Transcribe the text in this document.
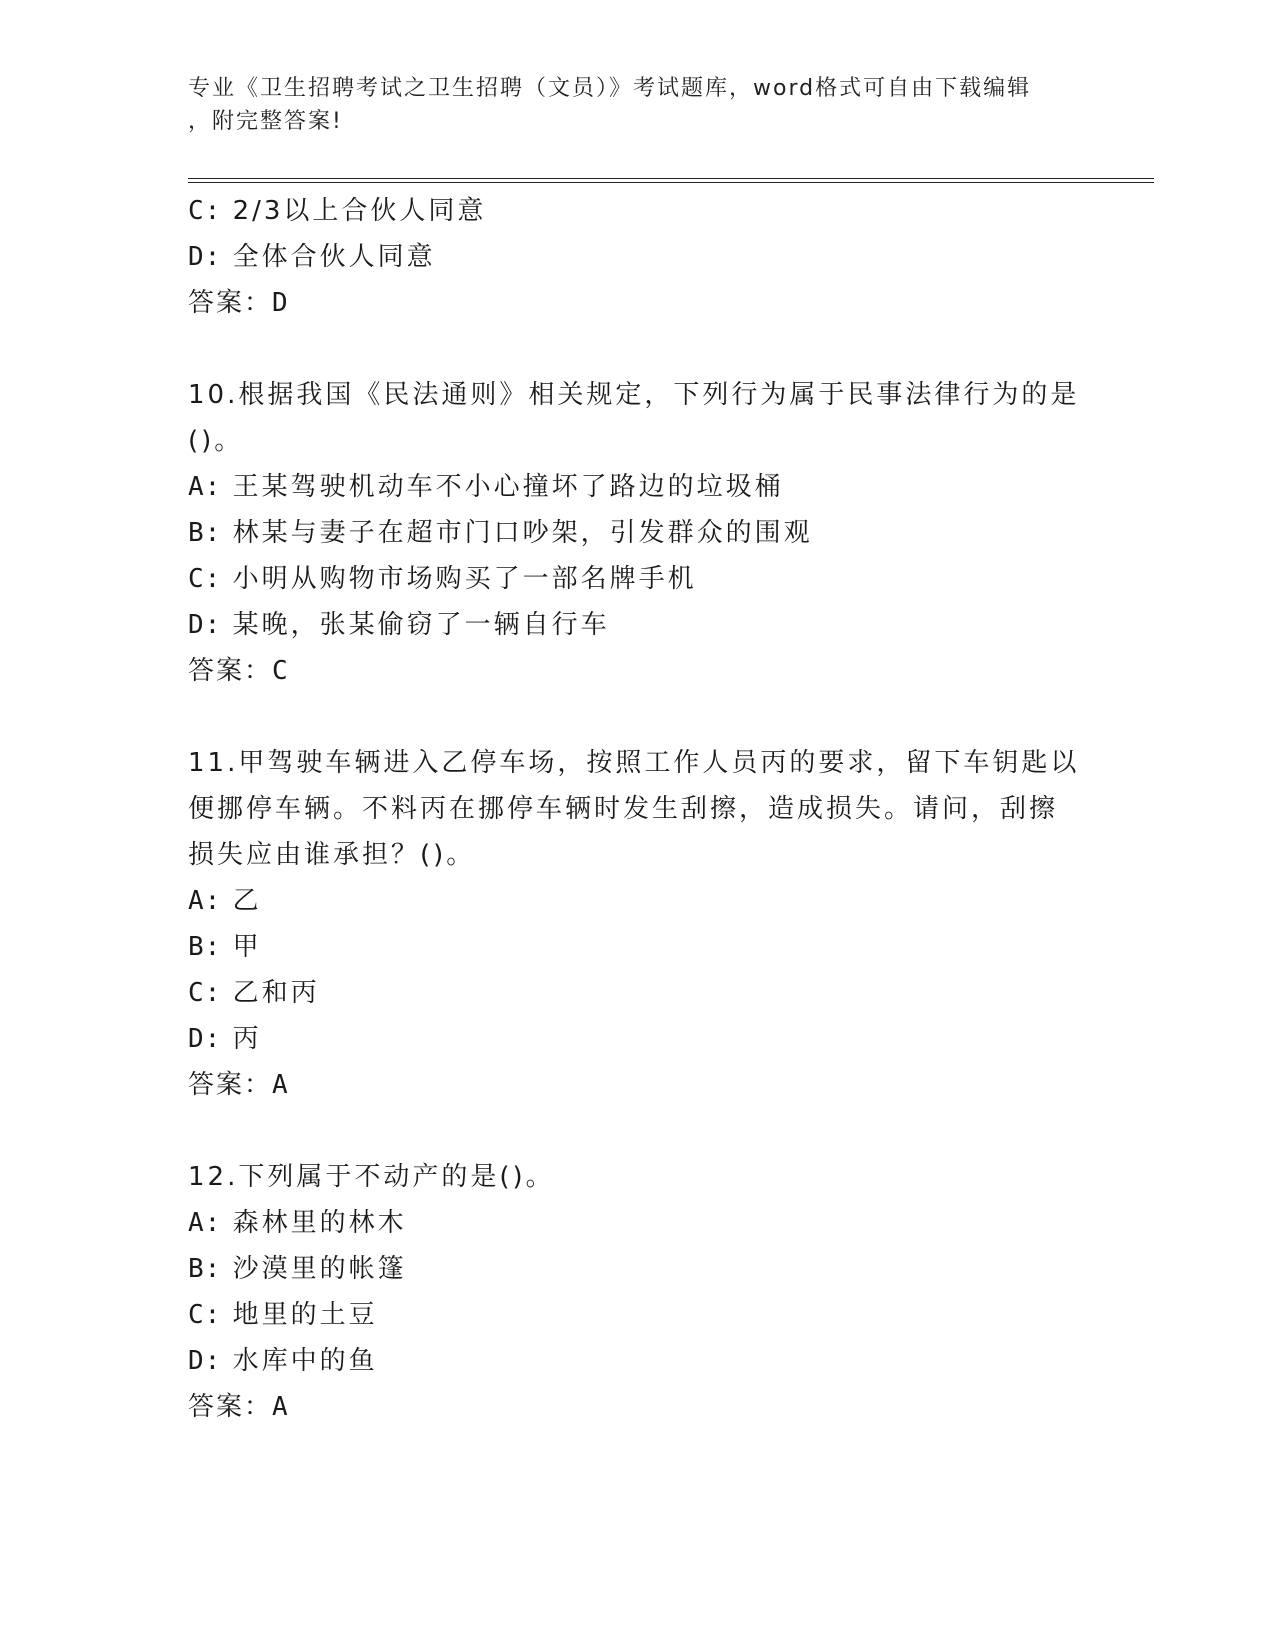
专业《卫生招聘考试之卫生招聘（文员）》考试题库，word格式可自由下载编辑
，附完整答案!
C: 2/3以上合伙人同意
D: 全体合伙人同意
答案：D
10.根据我国《民法通则》相关规定，下列行为属于民事法律行为的是
()。
A: 王某驾驶机动车不小心撞坏了路边的垃圾桶
B: 林某与妻子在超市门口吵架，引发群众的围观
C: 小明从购物市场购买了一部名牌手机
D: 某晚，张某偷窃了一辆自行车
答案：C
11.甲驾驶车辆进入乙停车场，按照工作人员丙的要求，留下车钥匙以
便挪停车辆。不料丙在挪停车辆时发生刮擦，造成损失。请问，刮擦
损失应由谁承担？()。
A: 乙
B: 甲
C: 乙和丙
D: 丙
答案：A
12.下列属于不动产的是()。
A: 森林里的林木
B: 沙漠里的帐篷
C: 地里的土豆
D: 水库中的鱼
答案：A
